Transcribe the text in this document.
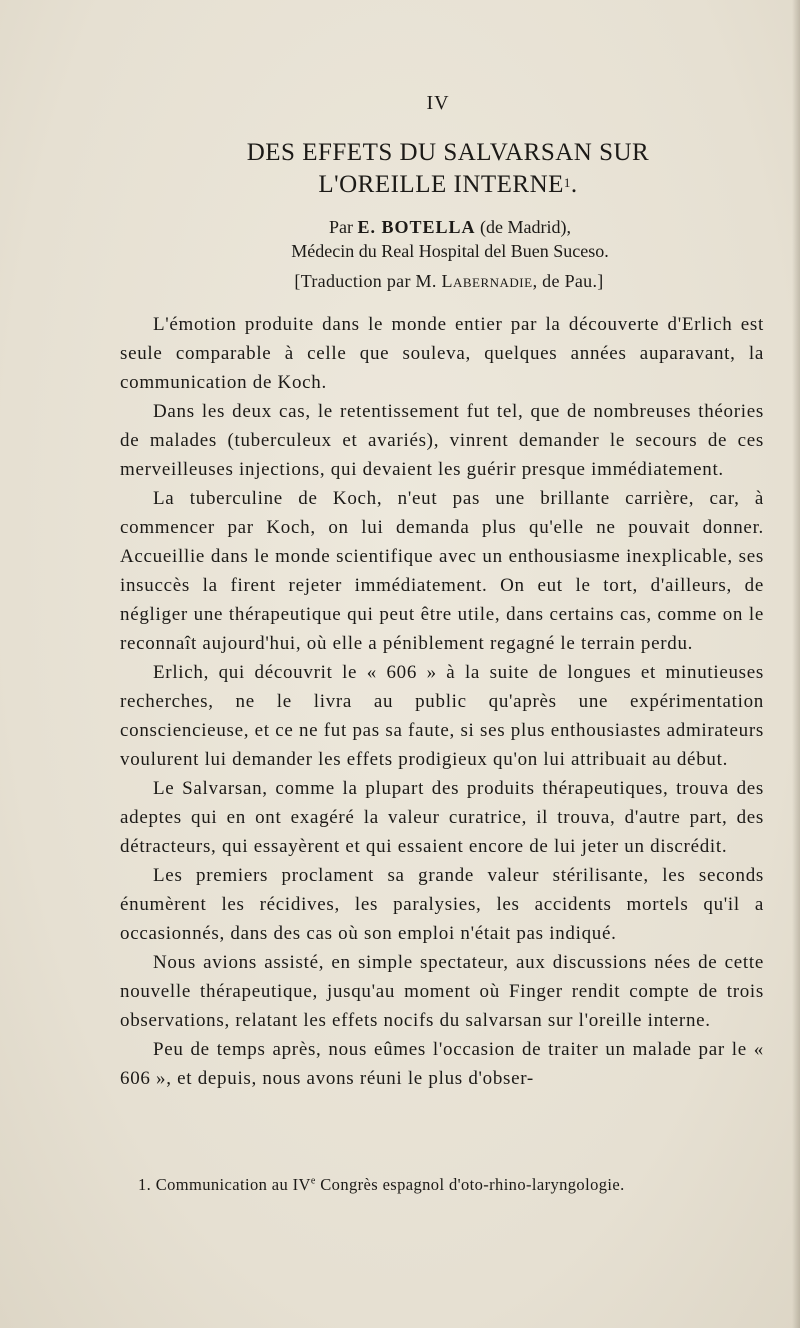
IV
DES EFFETS DU SALVARSAN SUR
L'OREILLE INTERNE$^1$.
Par E. BOTELLA (de Madrid),
Médecin du Real Hospital del Buen Suceso.
[Traduction par M. Labernadie, de Pau.]

L'émotion produite dans le monde entier par la découverte d'Erlich est seule comparable à celle que souleva, quelques années auparavant, la communication de Koch.

Dans les deux cas, le retentissement fut tel, que de nombreuses théories de malades (tuberculeux et avariés), vinrent demander le secours de ces merveilleuses injections, qui devaient les guérir presque immédiatement.

La tuberculine de Koch, n'eut pas une brillante carrière, car, à commencer par Koch, on lui demanda plus qu'elle ne pouvait donner. Accueillie dans le monde scientifique avec un enthousiasme inexplicable, ses insuccès la firent rejeter immédiatement. On eut le tort, d'ailleurs, de négliger une thérapeutique qui peut être utile, dans certains cas, comme on le reconnaît aujourd'hui, où elle a péniblement regagné le terrain perdu.

Erlich, qui découvrit le « 606 » à la suite de longues et minutieuses recherches, ne le livra au public qu'après une expérimentation consciencieuse, et ce ne fut pas sa faute, si ses plus enthousiastes admirateurs voulurent lui demander les effets prodigieux qu'on lui attribuait au début.

Le Salvarsan, comme la plupart des produits thérapeutiques, trouva des adeptes qui en ont exagéré la valeur curatrice, il trouva, d'autre part, des détracteurs, qui essayèrent et qui essaient encore de lui jeter un discrédit.

Les premiers proclament sa grande valeur stérilisante, les seconds énumèrent les récidives, les paralysies, les accidents mortels qu'il a occasionnés, dans des cas où son emploi n'était pas indiqué.

Nous avions assisté, en simple spectateur, aux discussions nées de cette nouvelle thérapeutique, jusqu'au moment où Finger rendit compte de trois observations, relatant les effets nocifs du salvarsan sur l'oreille interne.

Peu de temps après, nous eûmes l'occasion de traiter un malade par le « 606 », et depuis, nous avons réuni le plus d'obser-

1. Communication au IVe Congrès espagnol d'oto-rhino-laryngologie.
